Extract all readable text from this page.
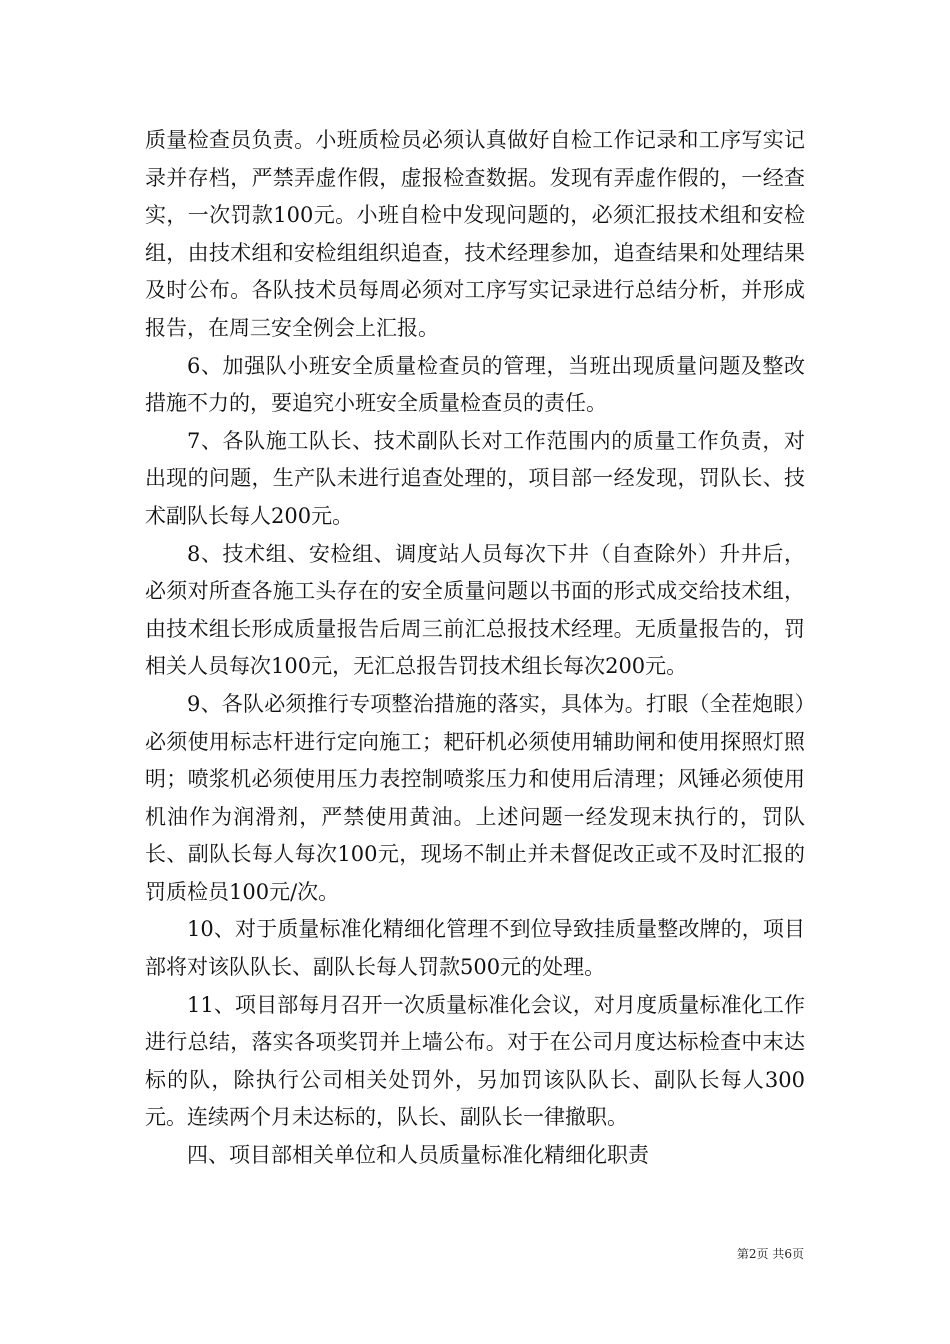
质量检查员负责。小班质检员必须认真做好自检工作记录和工序写实记录并存档，严禁弄虚作假，虚报检查数据。发现有弄虚作假的，一经查实，一次罚款100元。小班自检中发现问题的，必须汇报技术组和安检组，由技术组和安检组组织追查，技术经理参加，追查结果和处理结果及时公布。各队技术员每周必须对工序写实记录进行总结分析，并形成报告，在周三安全例会上汇报。

6、加强队小班安全质量检查员的管理，当班出现质量问题及整改措施不力的，要追究小班安全质量检查员的责任。

7、各队施工队长、技术副队长对工作范围内的质量工作负责，对出现的问题，生产队未进行追查处理的，项目部一经发现，罚队长、技术副队长每人200元。

8、技术组、安检组、调度站人员每次下井（自查除外）升井后，必须对所查各施工头存在的安全质量问题以书面的形式成交给技术组，由技术组长形成质量报告后周三前汇总报技术经理。无质量报告的，罚相关人员每次100元，无汇总报告罚技术组长每次200元。

9、各队必须推行专项整治措施的落实，具体为。打眼（全茬炮眼）必须使用标志杆进行定向施工；耙矸机必须使用辅助闸和使用探照灯照明；喷浆机必须使用压力表控制喷浆压力和使用后清理；风锤必须使用机油作为润滑剂，严禁使用黄油。上述问题一经发现末执行的，罚队长、副队长每人每次100元，现场不制止并未督促改正或不及时汇报的罚质检员100元/次。

10、对于质量标准化精细化管理不到位导致挂质量整改牌的，项目部将对该队队长、副队长每人罚款500元的处理。

11、项目部每月召开一次质量标准化会议，对月度质量标准化工作进行总结，落实各项奖罚并上墙公布。对于在公司月度达标检查中末达标的队，除执行公司相关处罚外，另加罚该队队长、副队长每人300元。连续两个月未达标的，队长、副队长一律撤职。

四、项目部相关单位和人员质量标准化精细化职责

第2页 共6页
